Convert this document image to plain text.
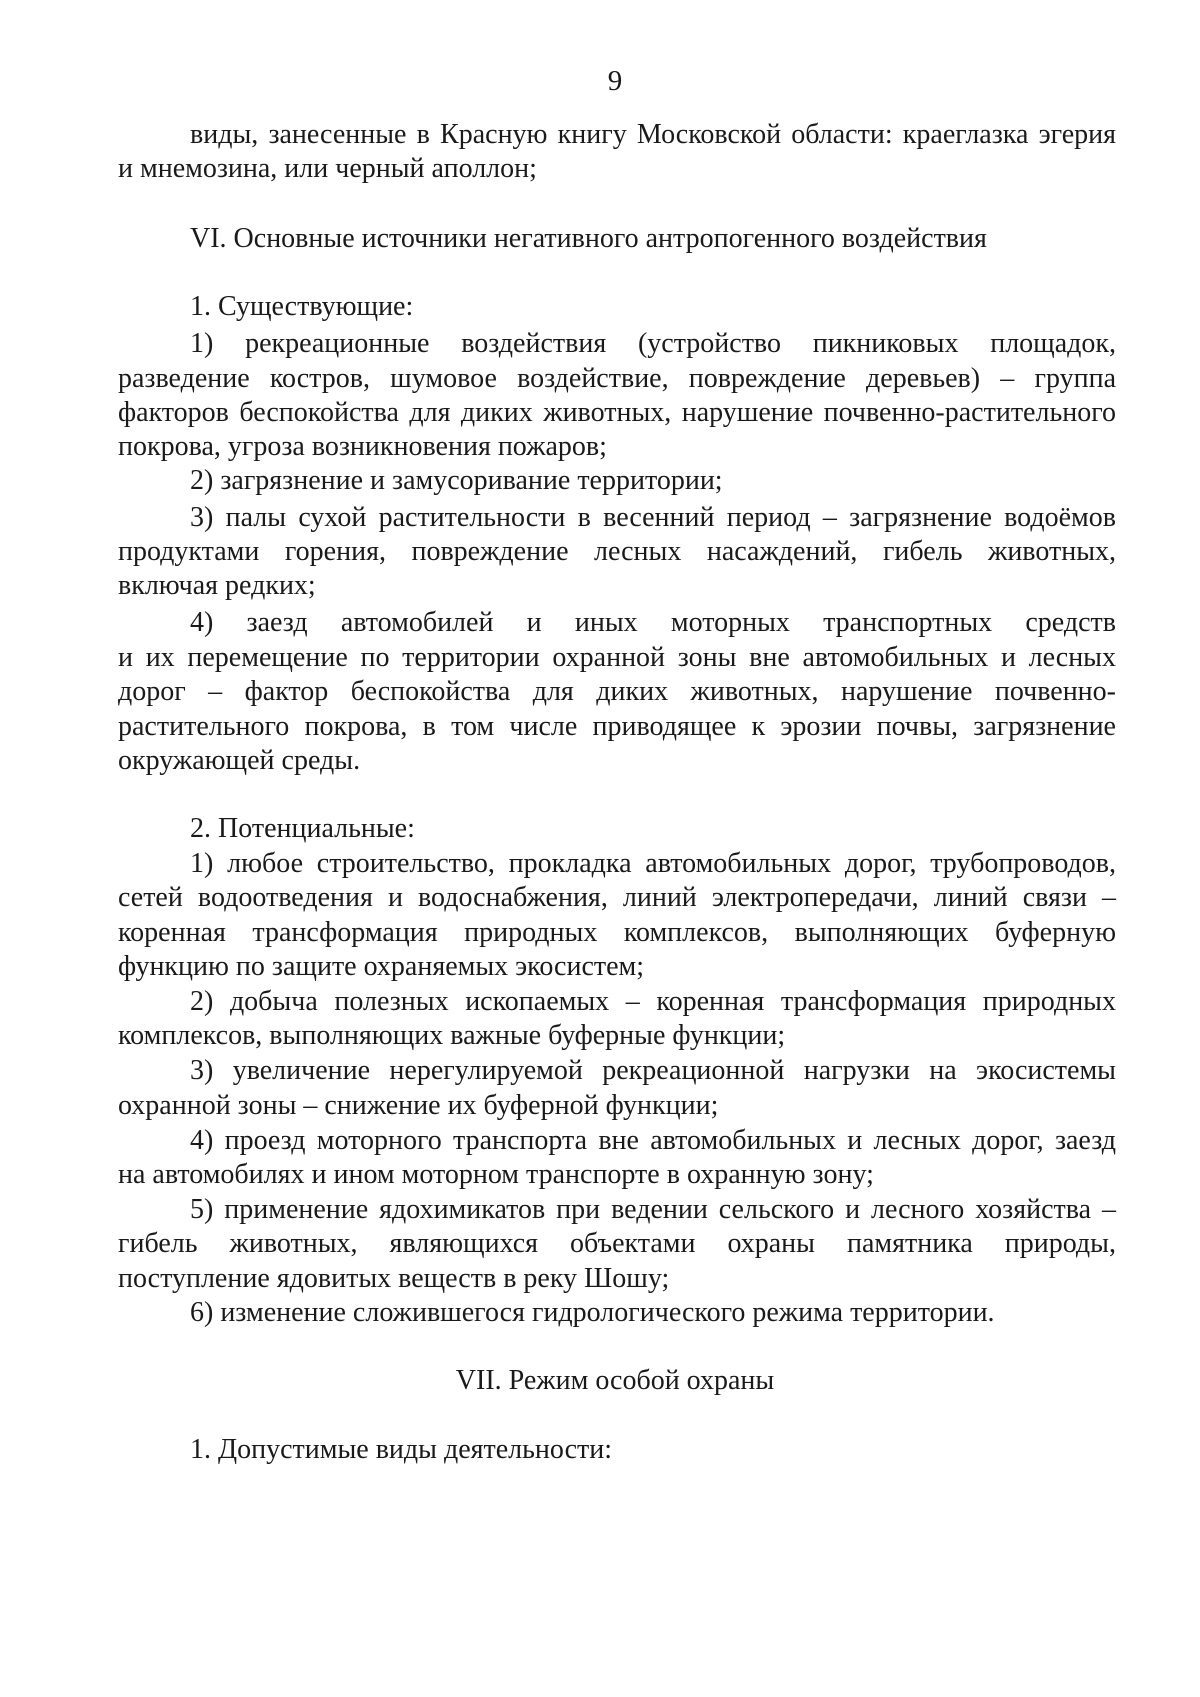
9
виды, занесенные в Красную книгу Московской области: краеглазка эгерия
и мнемозина, или черный аполлон;
VI. Основные источники негативного антропогенного воздействия
1. Существующие:
1) рекреационные воздействия (устройство пикниковых площадок,
разведение костров, шумовое воздействие, повреждение деревьев) – группа
факторов беспокойства для диких животных, нарушение почвенно-растительного
покрова, угроза возникновения пожаров;
2) загрязнение и замусоривание территории;
3) палы сухой растительности в весенний период – загрязнение водоёмов
продуктами горения, повреждение лесных насаждений, гибель животных,
включая редких;
4) заезд автомобилей и иных моторных транспортных средств
и их перемещение по территории охранной зоны вне автомобильных и лесных
дорог – фактор беспокойства для диких животных, нарушение почвенно-
растительного покрова, в том числе приводящее к эрозии почвы, загрязнение
окружающей среды.
2. Потенциальные:
1) любое строительство, прокладка автомобильных дорог, трубопроводов,
сетей водоотведения и водоснабжения, линий электропередачи, линий связи –
коренная трансформация природных комплексов, выполняющих буферную
функцию по защите охраняемых экосистем;
2) добыча полезных ископаемых – коренная трансформация природных
комплексов, выполняющих важные буферные функции;
3) увеличение нерегулируемой рекреационной нагрузки на экосистемы
охранной зоны – снижение их буферной функции;
4) проезд моторного транспорта вне автомобильных и лесных дорог, заезд
на автомобилях и ином моторном транспорте в охранную зону;
5) применение ядохимикатов при ведении сельского и лесного хозяйства –
гибель животных, являющихся объектами охраны памятника природы,
поступление ядовитых веществ в реку Шошу;
6) изменение сложившегося гидрологического режима территории.
VII. Режим особой охраны
1. Допустимые виды деятельности:
